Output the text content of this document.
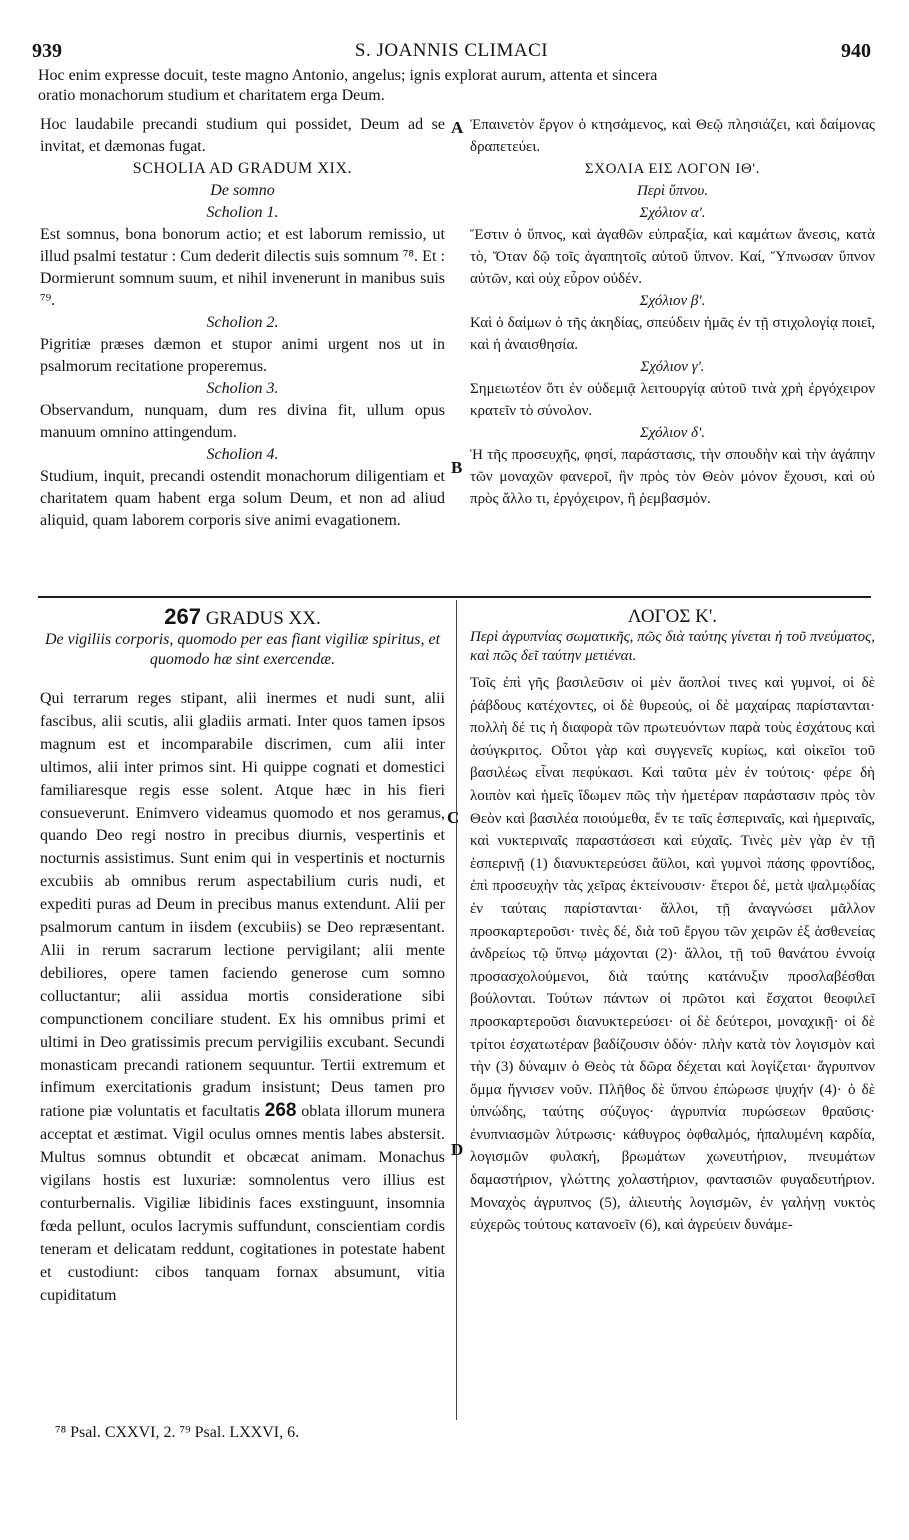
939	S. JOANNIS CLIMACI	940
Hoc enim expresse docuit, teste magno Antonio, angelus; ignis explorat aurum, attenta et sincera
oratio monachorum studium et charitatem erga Deum.

Hoc laudabile precandi studium qui possidet, Deum ad se invitat, et dæmonas fugat.

SCHOLIA AD GRADUM XIX.

De somno

Scholion 1.

Est somnus, bona bonorum actio; et est laborum remissio, ut illud psalmi testatur : Cum dederit dilectis suis somnum ⁷⁸. Et : Dormierunt somnum suum, et nihil invenerunt in manibus suis ⁷⁹.

Scholion 2.

Pigritiæ præses dæmon et stupor animi urgent nos ut in psalmorum recitatione properemus.

Scholion 3.

Observandum, nunquam, dum res divina fit, ullum opus manuum omnino attingendum.

Scholion 4.

Studium, inquit, precandi ostendit monachorum diligentiam et charitatem quam habent erga solum Deum, et non ad aliud aliquid, quam laborem corporis sive animi evagationem.

Ἐπαινετὸν ἔργον ὁ κτησάμενος, καὶ Θεῷ πλησιάζει, καὶ δαίμονας δραπετεύει.

ΣΧΟΛΙΑ ΕΙΣ ΛΟΓΟΝ ΙΘ'.

Περὶ ὕπνου.

Σχόλιον α'.

Ἔστιν ὁ ὕπνος, καὶ ἀγαθῶν εὐπραξία, καὶ καμάτων ἄνεσις, κατὰ τὸ, Ὅταν δῷ τοῖς ἀγαπητοῖς αὐτοῦ ὕπνον. Καί, Ὕπνωσαν ὕπνον αὐτῶν, καὶ οὐχ εὗρον οὐδέν.

Σχόλιον β'.

Καὶ ὁ δαίμων ὁ τῆς ἀκηδίας, σπεύδειν ἡμᾶς ἐν τῇ στιχολογίᾳ ποιεῖ, καὶ ἡ ἀναισθησία.

Σχόλιον γ'.

Σημειωτέον ὅτι ἐν οὐδεμιᾷ λειτουργίᾳ αὐτοῦ τινὰ χρὴ ἐργόχειρον κρατεῖν τὸ σύνολον.

Σχόλιον δ'.

Ἡ τῆς προσευχῆς, φησί, παράστασις, τὴν σπουδὴν καὶ τὴν ἀγάπην τῶν μοναχῶν φανεροῖ, ἣν πρὸς τὸν Θεὸν μόνον ἔχουσι, καὶ οὐ πρὸς ἄλλο τι, ἐργόχειρον, ἢ ῥεμβασμόν.

A
B

267 GRADUS XX.

De vigiliis corporis, quomodo per eas fiant vigiliæ spiritus, et quomodo hæ sint exercendæ.

Qui terrarum reges stipant, alii inermes et nudi sunt, alii fascibus, alii scutis, alii gladiis armati. Inter quos tamen ipsos magnum est et incomparabile discrimen, cum alii inter ultimos, alii inter primos sint. Hi quippe cognati et domestici familiaresque regis esse solent. Atque hæc in his fieri consueverunt. Enimvero videamus quomodo et nos geramus, quando Deo regi nostro in precibus diurnis, vespertinis et nocturnis assistimus. Sunt enim qui in vespertinis et nocturnis excubiis ab omnibus rerum aspectabilium curis nudi, et expediti puras ad Deum in precibus manus extendunt. Alii per psalmorum cantum in iisdem (excubiis) se Deo repræsentant. Alii in rerum sacrarum lectione pervigilant; alii mente debiliores, opere tamen faciendo generose cum somno colluctantur; alii assidua mortis consideratione sibi compunctionem conciliare student. Ex his omnibus primi et ultimi in Deo gratissimis precum pervigiliis excubant. Secundi monasticam precandi rationem sequuntur. Tertii extremum et infimum exercitationis gradum insistunt; Deus tamen pro ratione piæ voluntatis et facultatis 268 oblata illorum munera acceptat et æstimat. Vigil oculus omnes mentis labes abstersit. Multus somnus obtundit et obcæcat animam. Monachus vigilans hostis est luxuriæ: somnolentus vero illius est conturbernalis. Vigiliæ libidinis faces exstinguunt, insomnia fœda pellunt, oculos lacrymis suffundunt, conscientiam cordis teneram et delicatam reddunt, cogitationes in potestate habent et custodiunt: cibos tanquam fornax absumunt, vitia cupiditatum

ΛΟΓΟΣ Κ'.

Περὶ ἀγρυπνίας σωματικῆς, πῶς διὰ ταύτης γίνεται ἡ τοῦ πνεύματος, καὶ πῶς δεῖ ταύτην μετιέναι.

Τοῖς ἐπὶ γῆς βασιλεῦσιν οἱ μὲν ἄοπλοί τινες καὶ γυμνοί, οἱ δὲ ῥάβδους κατέχοντες, οἱ δὲ θυρεούς, οἱ δὲ μαχαίρας παρίστανται· πολλὴ δέ τις ἡ διαφορὰ τῶν πρωτευόντων παρὰ τοὺς ἐσχάτους καὶ ἀσύγκριτος. Οὗτοι γὰρ καὶ συγγενεῖς κυρίως, καὶ οἰκεῖοι τοῦ βασιλέως εἶναι πεφύκασι. Καὶ ταῦτα μὲν ἐν τούτοις· φέρε δὴ λοιπὸν καὶ ἡμεῖς ἴδωμεν πῶς τὴν ἡμετέραν παράστασιν πρὸς τὸν Θεὸν καὶ βασιλέα ποιούμεθα, ἔν τε ταῖς ἑσπεριναῖς, καὶ ἡμεριναῖς, καὶ νυκτεριναῖς παραστάσεσι καὶ εὐχαῖς. Τινὲς μὲν γὰρ ἐν τῇ ἑσπερινῇ (1) διανυκτερεύσει ἄϋλοι, καὶ γυμνοὶ πάσης φροντίδος, ἐπὶ προσευχὴν τὰς χεῖρας ἐκτείνουσιν· ἕτεροι δέ, μετὰ ψαλμῳδίας ἐν ταύταις παρίστανται· ἄλλοι, τῇ ἀναγνώσει μᾶλλον προσκαρτεροῦσι· τινὲς δέ, διὰ τοῦ ἔργου τῶν χειρῶν ἐξ ἀσθενείας ἀνδρείως τῷ ὕπνῳ μάχονται (2)· ἄλλοι, τῇ τοῦ θανάτου ἐννοίᾳ προσασχολούμενοι, διὰ ταύτης κατάνυξιν προσλαβέσθαι βούλονται. Τούτων πάντων οἱ πρῶτοι καὶ ἔσχατοι θεοφιλεῖ προσκαρτεροῦσι διανυκτερεύσει· οἱ δὲ δεύτεροι, μοναχικῇ· οἱ δὲ τρίτοι ἐσχατωτέραν βαδίζουσιν ὁδόν· πλὴν κατὰ τὸν λογισμὸν καὶ τὴν (3) δύναμιν ὁ Θεὸς τὰ δῶρα δέχεται καὶ λογίζεται· ἄγρυπνον ὄμμα ἤγνισεν νοῦν. Πλῆθος δὲ ὕπνου ἐπώρωσε ψυχήν (4)· ὁ δὲ ὑπνώδης, ταύτης σύζυγος· ἀγρυπνία πυρώσεων θραῦσις· ἐνυπνιασμῶν λύτρωσις· κάθυγρος ὀφθαλμός, ἡπαλυμένη καρδία, λογισμῶν φυλακή, βρωμάτων χωνευτήριον, πνευμάτων δαμαστήριον, γλώττης χολαστήριον, φαντασιῶν φυγαδευτήριον. Μοναχὸς ἀγρυπνος (5), ἁλιευτὴς λογισμῶν, ἐν γαλήνῃ νυκτὸς εὐχερῶς τούτους κατανοεῖν (6), καὶ ἀγρεύειν δυνάμε-

C
D
⁷⁸ Psal. CXXVI, 2. ⁷⁹ Psal. LXXVI, 6.
